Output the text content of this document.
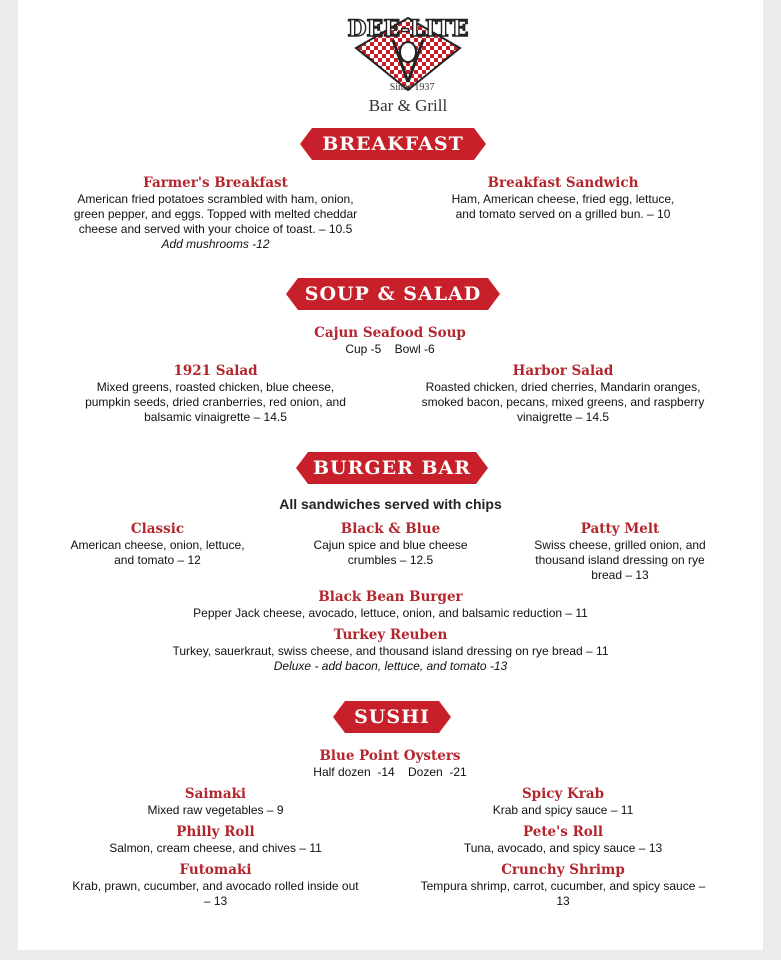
DEE-LITE
Since 1937
Bar & Grill
BREAKFAST
Farmer's Breakfast
American fried potatoes scrambled with ham, onion, green pepper, and eggs. Topped with melted cheddar cheese and served with your choice of toast. – 10.5
Add mushrooms -12
Breakfast Sandwich
Ham, American cheese, fried egg, lettuce, and tomato served on a grilled bun. – 10
SOUP & SALAD
Cajun Seafood Soup
Cup -5    Bowl -6
1921 Salad
Mixed greens, roasted chicken, blue cheese, pumpkin seeds, dried cranberries, red onion, and balsamic vinaigrette – 14.5
Harbor Salad
Roasted chicken, dried cherries, Mandarin oranges, smoked bacon, pecans, mixed greens, and raspberry vinaigrette – 14.5
BURGER BAR
All sandwiches served with chips
Classic
American cheese, onion, lettuce, and tomato – 12
Black & Blue
Cajun spice and blue cheese crumbles – 12.5
Patty Melt
Swiss cheese, grilled onion, and thousand island dressing on rye bread – 13
Black Bean Burger
Pepper Jack cheese, avocado, lettuce, onion, and balsamic reduction – 11
Turkey Reuben
Turkey, sauerkraut, swiss cheese, and thousand island dressing on rye bread – 11
Deluxe - add bacon, lettuce, and tomato -13
SUSHI
Blue Point Oysters
Half dozen  -14    Dozen  -21
Saimaki
Mixed raw vegetables – 9
Spicy Krab
Krab and spicy sauce – 11
Philly Roll
Salmon, cream cheese, and chives – 11
Pete's Roll
Tuna, avocado, and spicy sauce – 13
Futomaki
Krab, prawn, cucumber, and avocado rolled inside out – 13
Crunchy Shrimp
Tempura shrimp, carrot, cucumber, and spicy sauce – 13
